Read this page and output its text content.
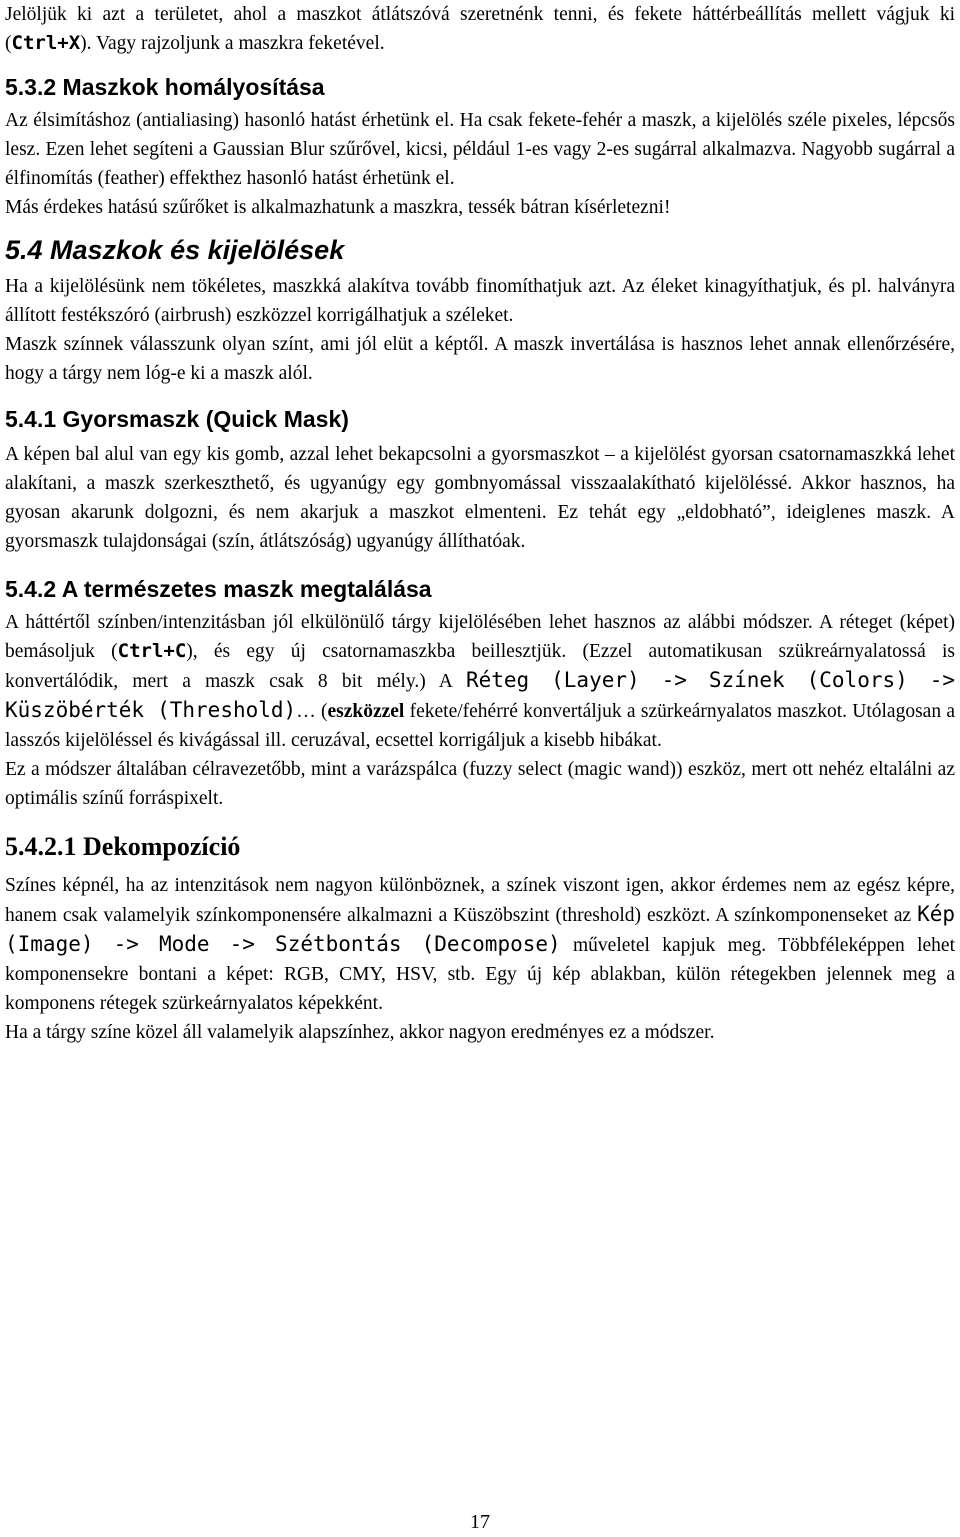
Jelöljük ki azt a területet, ahol a maszkot átlátszóvá szeretnénk tenni, és fekete háttérbeállítás mellett vágjuk ki (Ctrl+X). Vagy rajzoljunk a maszkra feketével.

5.3.2 Maszkok homályosítása

Az élsimításhoz (antialiasing) hasonló hatást érhetünk el. Ha csak fekete-fehér a maszk, a kijelölés széle pixeles, lépcsős lesz. Ezen lehet segíteni a Gaussian Blur szűrővel, kicsi, például 1-es vagy 2-es sugárral alkalmazva. Nagyobb sugárral a élfinomítás (feather) effekthez hasonló hatást érhetünk el.

Más érdekes hatású szűrőket is alkalmazhatunk a maszkra, tessék bátran kísérletezni!

5.4 Maszkok és kijelölések

Ha a kijelölésünk nem tökéletes, maszkká alakítva tovább finomíthatjuk azt. Az éleket kinagyíthatjuk, és pl. halványra állított festékszóró (airbrush) eszközzel korrigálhatjuk a széleket.

Maszk színnek válasszunk olyan színt, ami jól elüt a képtől. A maszk invertálása is hasznos lehet annak ellenőrzésére, hogy a tárgy nem lóg-e ki a maszk alól.

5.4.1 Gyorsmaszk (Quick Mask)

A képen bal alul van egy kis gomb, azzal lehet bekapcsolni a gyorsmaszkot – a kijelölést gyorsan csatornamaszkká lehet alakítani, a maszk szerkeszthető, és ugyanúgy egy gombnyomással visszaalakítható kijelöléssé. Akkor hasznos, ha gyosan akarunk dolgozni, és nem akarjuk a maszkot elmenteni. Ez tehát egy „eldobható”, ideiglenes maszk. A gyorsmaszk tulajdonságai (szín, átlátszóság) ugyanúgy állíthatóak.

5.4.2 A természetes maszk megtalálása

A háttértől színben/intenzitásban jól elkülönülő tárgy kijelölésében lehet hasznos az alábbi módszer. A réteget (képet) bemásoljuk (Ctrl+C), és egy új csatornamaszkba beillesztjük. (Ezzel automatikusan szükreárnyalatossá is konvertálódik, mert a maszk csak 8 bit mély.) A Réteg (Layer) -> Színek (Colors) -> Küszöbérték (Threshold)… (eszközzel fekete/fehérré konvertáljuk a szürkeárnyalatos maszkot. Utólagosan a lasszós kijelöléssel és kivágással ill. ceruzával, ecsettel korrigáljuk a kisebb hibákat.

Ez a módszer általában célravezetőbb, mint a varázspálca (fuzzy select (magic wand)) eszköz, mert ott nehéz eltalálni az optimális színű forráspixelt.

5.4.2.1 Dekompozíció

Színes képnél, ha az intenzitások nem nagyon különböznek, a színek viszont igen, akkor érdemes nem az egész képre, hanem csak valamelyik színkomponensére alkalmazni a Küszöbszint (threshold) eszközt. A színkomponenseket az Kép (Image) -> Mode -> Szétbontás (Decompose) műveletel kapjuk meg. Többféleképpen lehet komponensekre bontani a képet: RGB, CMY, HSV, stb. Egy új kép ablakban, külön rétegekben jelennek meg a komponens rétegek szürkeárnyalatos képekként.

Ha a tárgy színe közel áll valamelyik alapszínhez, akkor nagyon eredményes ez a módszer.

17
